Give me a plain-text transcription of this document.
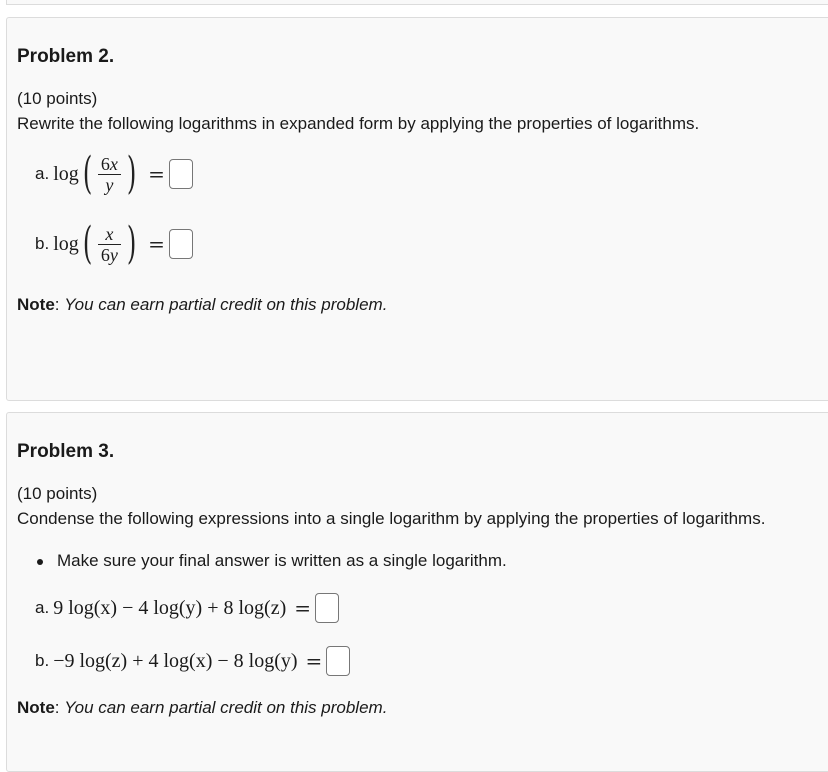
Problem 2.
(10 points)
Rewrite the following logarithms in expanded form by applying the properties of logarithms.
a. log ( $\frac{6x}{y}$ ) =
b. log ( $\frac{x}{6y}$ ) =
Note: You can earn partial credit on this problem.
Problem 3.
(10 points)
Condense the following expressions into a single logarithm by applying the properties of logarithms.
Make sure your final answer is written as a single logarithm.
a. 9 log(x) − 4 log(y) + 8 log(z) =
b. −9 log(z) + 4 log(x) − 8 log(y) =
Note: You can earn partial credit on this problem.
